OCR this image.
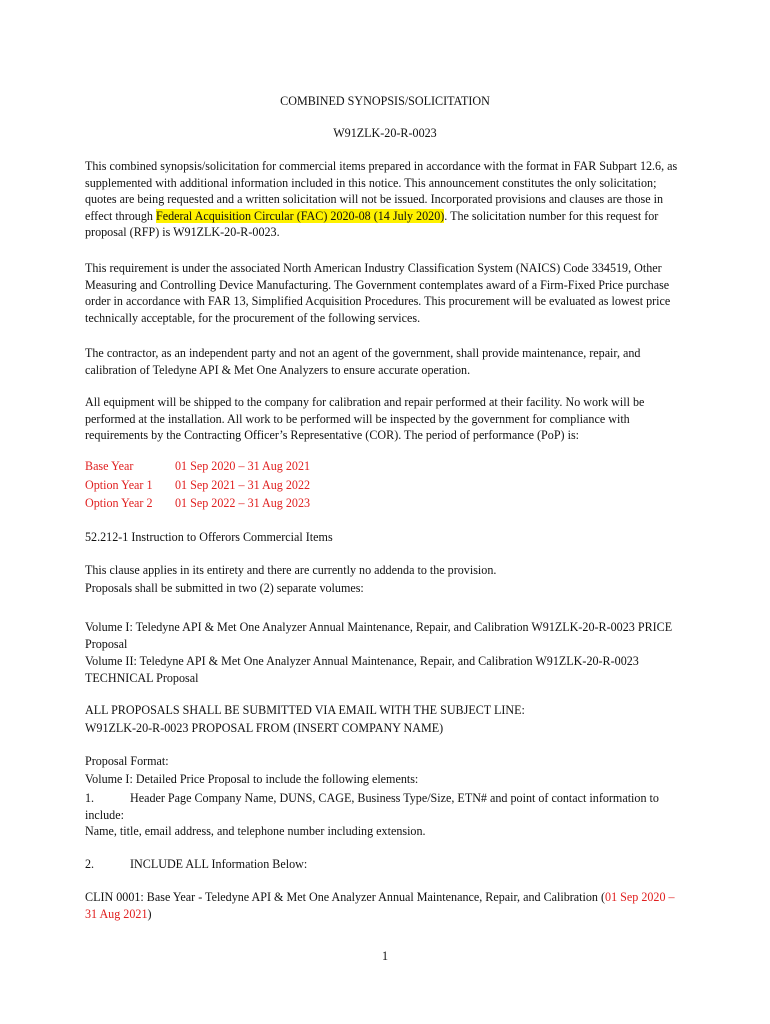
COMBINED SYNOPSIS/SOLICITATION
W91ZLK-20-R-0023

This combined synopsis/solicitation for commercial items prepared in accordance with the format in FAR Subpart 12.6, as supplemented with additional information included in this notice. This announcement constitutes the only solicitation; quotes are being requested and a written solicitation will not be issued. Incorporated provisions and clauses are those in effect through Federal Acquisition Circular (FAC) 2020-08 (14 July 2020). The solicitation number for this request for proposal (RFP) is W91ZLK-20-R-0023.

This requirement is under the associated North American Industry Classification System (NAICS) Code 334519, Other Measuring and Controlling Device Manufacturing. The Government contemplates award of a Firm-Fixed Price purchase order in accordance with FAR 13, Simplified Acquisition Procedures. This procurement will be evaluated as lowest price technically acceptable, for the procurement of the following services.

The contractor, as an independent party and not an agent of the government, shall provide maintenance, repair, and calibration of Teledyne API & Met One Analyzers to ensure accurate operation.

All equipment will be shipped to the company for calibration and repair performed at their facility. No work will be performed at the installation. All work to be performed will be inspected by the government for compliance with requirements by the Contracting Officer’s Representative (COR). The period of performance (PoP) is:

Base Year	01 Sep 2020 – 31 Aug 2021
Option Year 1	01 Sep 2021 – 31 Aug 2022
Option Year 2	01 Sep 2022 – 31 Aug 2023

52.212-1 Instruction to Offerors Commercial Items

This clause applies in its entirety and there are currently no addenda to the provision.

Proposals shall be submitted in two (2) separate volumes:

Volume I: Teledyne API & Met One Analyzer Annual Maintenance, Repair, and Calibration W91ZLK-20-R-0023 PRICE Proposal

Volume II: Teledyne API & Met One Analyzer Annual Maintenance, Repair, and Calibration W91ZLK-20-R-0023 TECHNICAL Proposal

ALL PROPOSALS SHALL BE SUBMITTED VIA EMAIL WITH THE SUBJECT LINE:

W91ZLK-20-R-0023 PROPOSAL FROM (INSERT COMPANY NAME)

Proposal Format:

Volume I: Detailed Price Proposal to include the following elements:

1.	Header Page Company Name, DUNS, CAGE, Business Type/Size, ETN# and point of contact information to include:

Name, title, email address, and telephone number including extension.

2.	INCLUDE ALL Information Below:

CLIN 0001: Base Year - Teledyne API & Met One Analyzer Annual Maintenance, Repair, and Calibration (01 Sep 2020 – 31 Aug 2021)

1
